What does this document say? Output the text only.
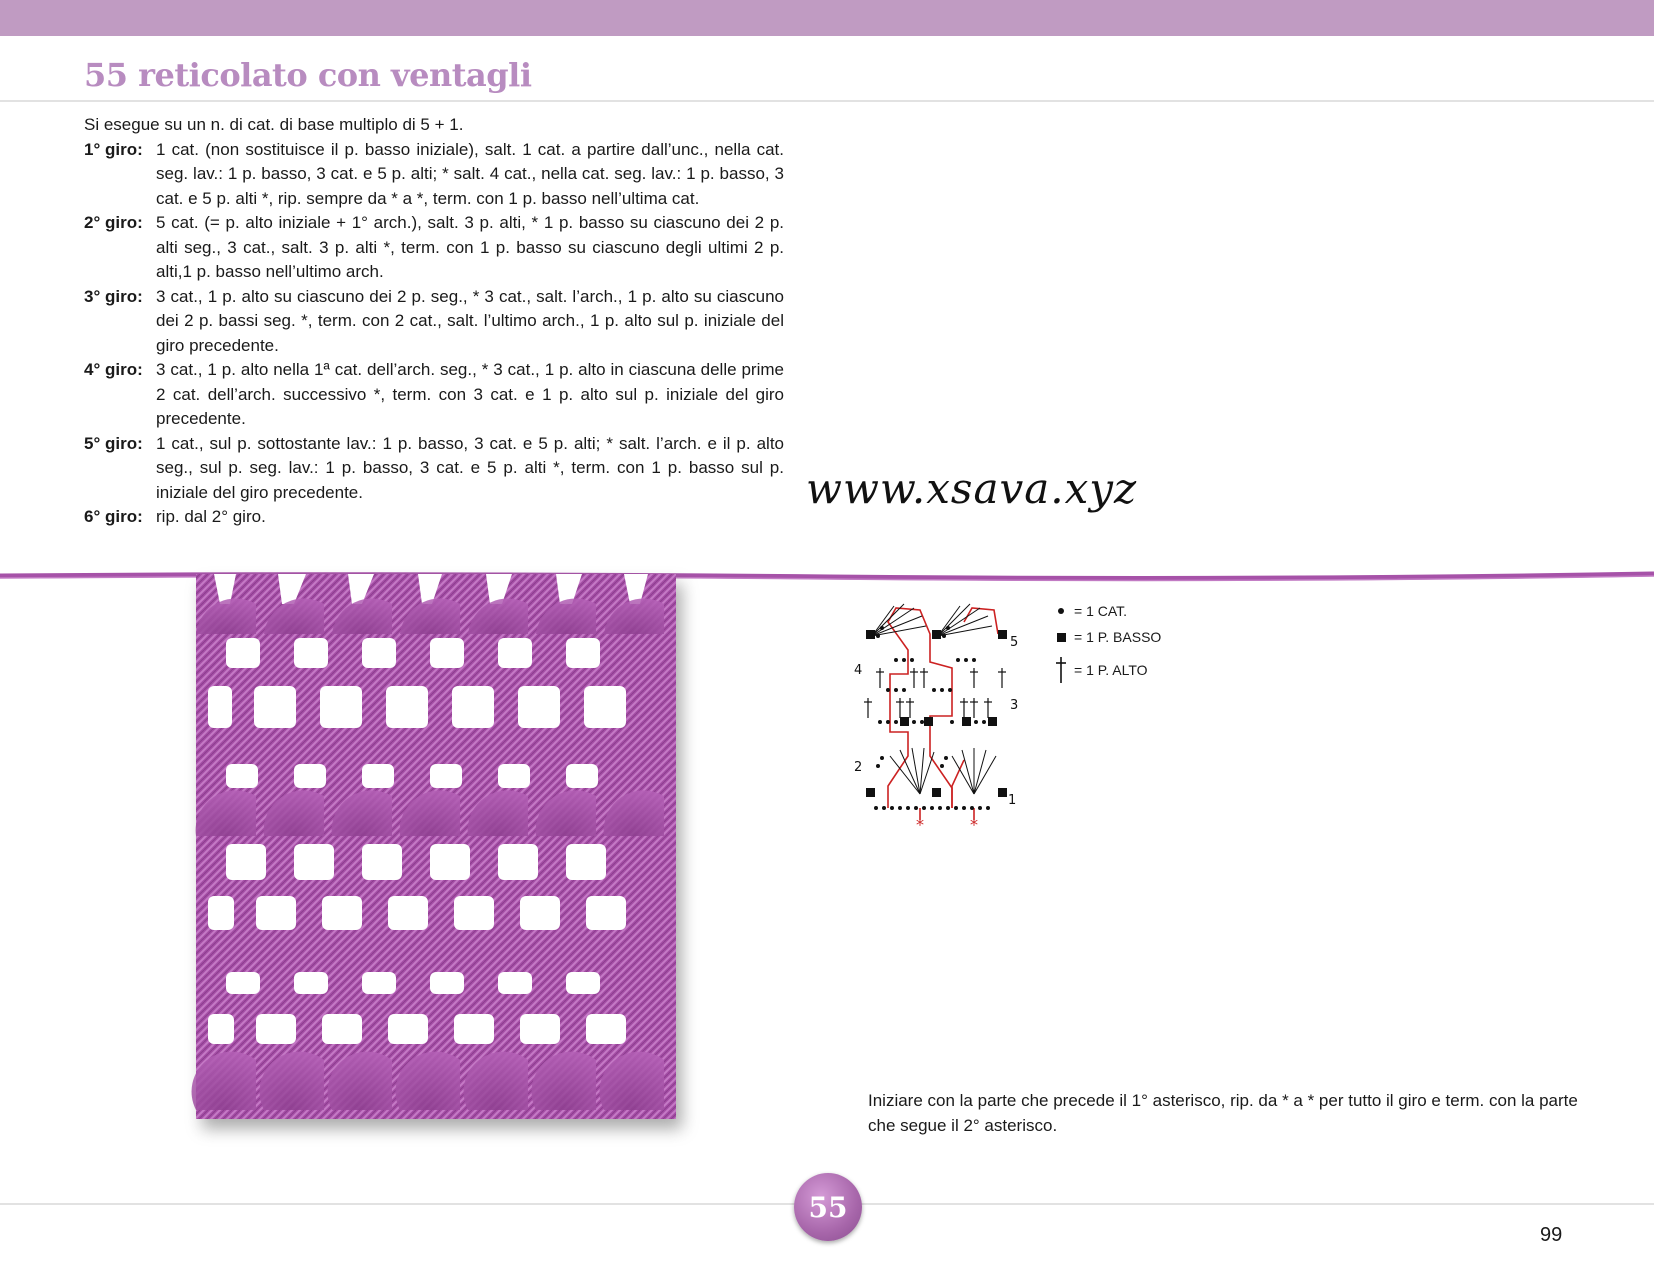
55 reticolato con ventagli

Si esegue su un n. di cat. di base multiplo di 5 + 1.

1° giro: 1 cat. (non sostituisce il p. basso iniziale), salt. 1 cat. a partire dall’unc., nella cat. seg. lav.: 1 p. basso, 3 cat. e 5 p. alti; * salt. 4 cat., nella cat. seg. lav.: 1 p. basso, 3 cat. e 5 p. alti *, rip. sempre da * a *, term. con 1 p. basso nell’ultima cat.
2° giro: 5 cat. (= p. alto iniziale + 1° arch.), salt. 3 p. alti, * 1 p. basso su ciascuno dei 2 p. alti seg., 3 cat., salt. 3 p. alti *, term. con 1 p. basso su ciascuno degli ultimi 2 p. alti,1 p. basso nell’ultimo arch.
3° giro: 3 cat., 1 p. alto su ciascuno dei 2 p. seg., * 3 cat., salt. l’arch., 1 p. alto su ciascuno dei 2 p. bassi seg. *, term. con 2 cat., salt. l’ultimo arch., 1 p. alto sul p. iniziale del giro precedente.
4° giro: 3 cat., 1 p. alto nella 1ª cat. dell’arch. seg., * 3 cat., 1 p. alto in ciascuna delle prime 2 cat. dell’arch. successivo *, term. con 3 cat. e 1 p. alto sul p. iniziale del giro precedente.
5° giro: 1 cat., sul p. sottostante lav.: 1 p. basso, 3 cat. e 5 p. alti; * salt. l’arch. e il p. alto seg., sul p. seg. lav.: 1 p. basso, 3 cat. e 5 p. alti *, term. con 1 p. basso sul p. iniziale del giro precedente.
6° giro: rip. dal 2° giro.
www.xsava.xyz
*	*
1
2
3
4
5
= 1 CAT.
= 1 P. BASSO
= 1 P. ALTO
Iniziare con la parte che precede il 1° asterisco, rip. da * a * per tutto il giro e term. con la parte che segue il 2° asterisco.
55
99
